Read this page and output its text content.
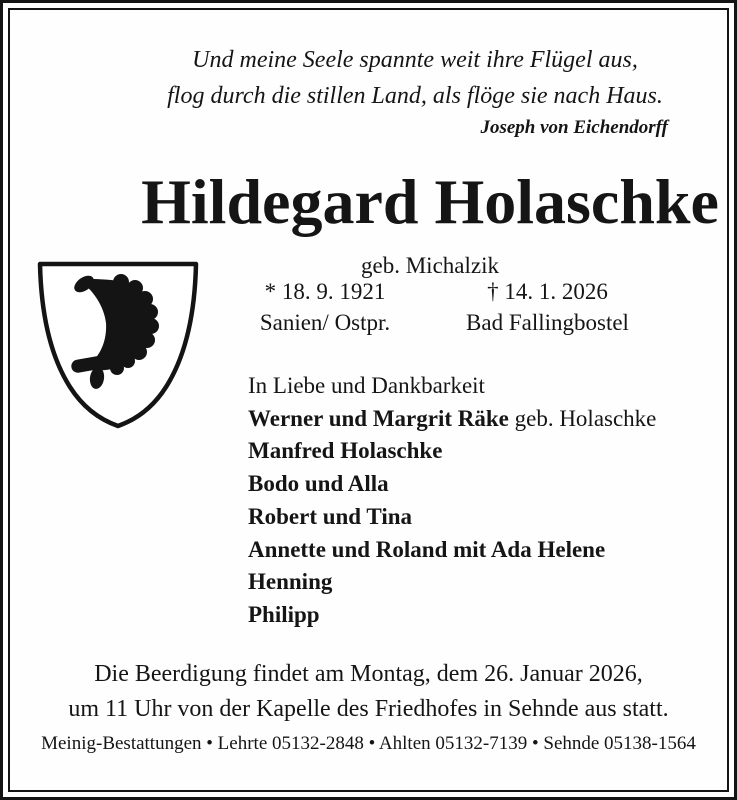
Und meine Seele spannte weit ihre Flügel aus,
flog durch die stillen Land, als flöge sie nach Haus.
Joseph von Eichendorff
Hildegard Holaschke
geb. Michalzik
* 18. 9. 1921	† 14. 1. 2026
Sanien/ Ostpr.	Bad Fallingbostel
In Liebe und Dankbarkeit
Werner und Margrit Räke geb. Holaschke
Manfred Holaschke
Bodo und Alla
Robert und Tina
Annette und Roland mit Ada Helene
Henning
Philipp
Die Beerdigung findet am Montag, dem 26. Januar 2026,
um 11 Uhr von der Kapelle des Friedhofes in Sehnde aus statt.
Meinig-Bestattungen • Lehrte 05132-2848 • Ahlten 05132-7139 • Sehnde 05138-1564
